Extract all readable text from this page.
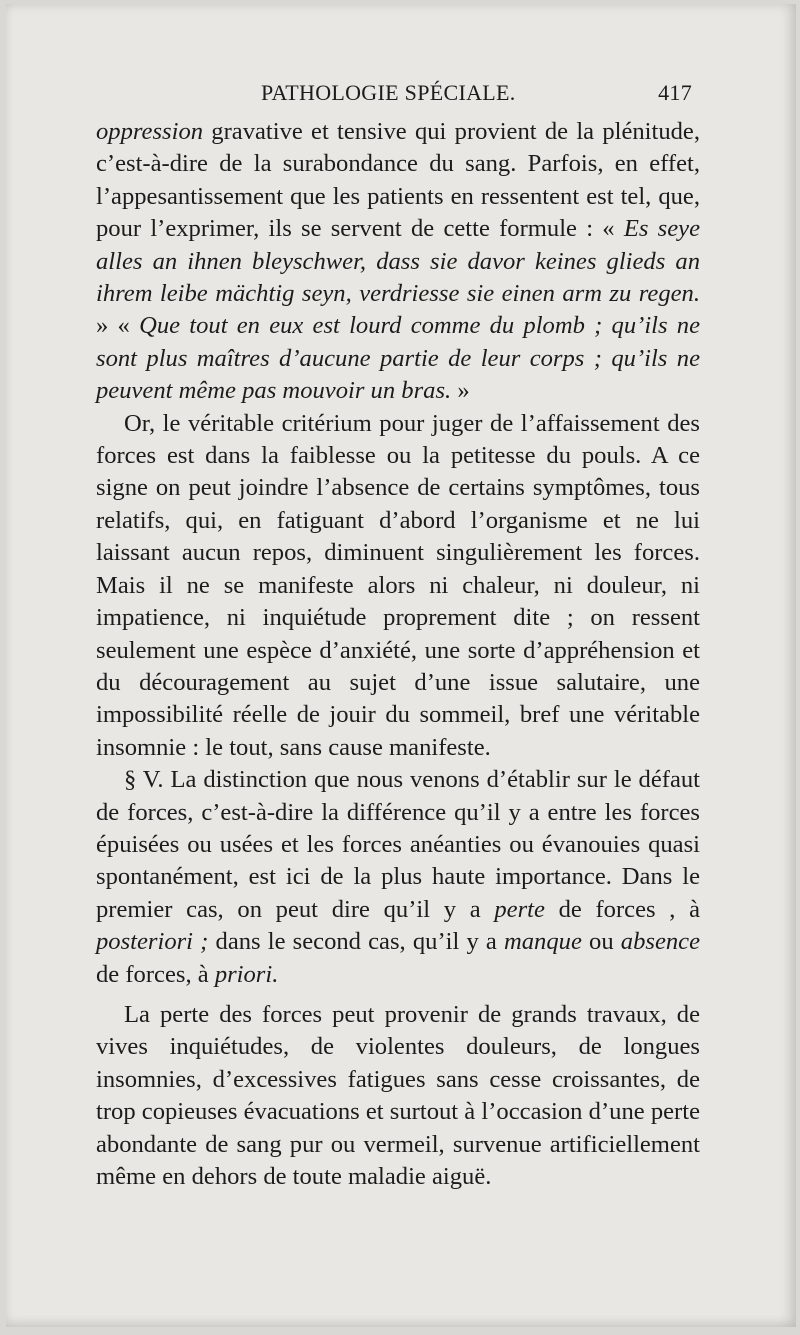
PATHOLOGIE SPÉCIALE.	417

oppression gravative et tensive qui provient de la plénitude, c’est-à-dire de la surabondance du sang. Parfois, en effet, l’appesantissement que les patients en ressentent est tel, que, pour l’exprimer, ils se servent de cette formule : « Es seye alles an ihnen bleyschwer, dass sie davor keines glieds an ihrem leibe mächtig seyn, verdriesse sie einen arm zu regen. » « Que tout en eux est lourd comme du plomb ; qu’ils ne sont plus maîtres d’aucune partie de leur corps ; qu’ils ne peuvent même pas mouvoir un bras. »

Or, le véritable critérium pour juger de l’affaissement des forces est dans la faiblesse ou la petitesse du pouls. A ce signe on peut joindre l’absence de certains symptômes, tous relatifs, qui, en fatiguant d’abord l’organisme et ne lui laissant aucun repos, diminuent singulièrement les forces. Mais il ne se manifeste alors ni chaleur, ni douleur, ni impatience, ni inquiétude proprement dite ; on ressent seulement une espèce d’anxiété, une sorte d’appréhension et du découragement au sujet d’une issue salutaire, une impossibilité réelle de jouir du sommeil, bref une véritable insomnie : le tout, sans cause manifeste.

§ V. La distinction que nous venons d’établir sur le défaut de forces, c’est-à-dire la différence qu’il y a entre les forces épuisées ou usées et les forces anéanties ou évanouies quasi spontanément, est ici de la plus haute importance. Dans le premier cas, on peut dire qu’il y a perte de forces , à posteriori ; dans le second cas, qu’il y a manque ou absence de forces, à priori.

La perte des forces peut provenir de grands travaux, de vives inquiétudes, de violentes douleurs, de longues insomnies, d’excessives fatigues sans cesse croissantes, de trop copieuses évacuations et surtout à l’occasion d’une perte abondante de sang pur ou vermeil, survenue artificiellement même en dehors de toute maladie aiguë.
